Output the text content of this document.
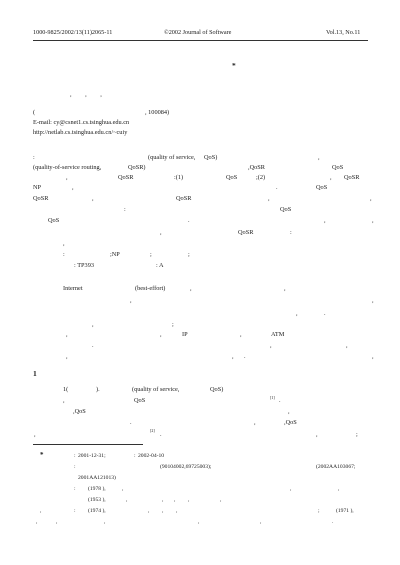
1000-9825/2002/13(11)2065-11	©2002 Journal of Software	Vol.13, No.11
*
, , ,
(	, 100084)
E-mail: cy@csnet1.cs.tsinghua.edu.cn
http://netlab.cs.tsinghua.edu.cn/~cuiy
:	(quality of service, QoS)	,
(quality-of-service routing,	QoSR)	,QoSR	QoS
,	QoSR	:(1)	QoS	;(2)	, QoSR
NP	,	.	QoS
QoSR	,	QoSR	,	,
:	QoS
QoS	.	,	,
,	QoSR	:
,
:	;NP	;	;
: TP393	: A
Internet	(best-effort)	,	,
,	,
,	.
,	;
,	,	IP	,	ATM
.	,	,
,	, .	,
1
1(	).	(quality of service,	QoS)
,	QoS	[1] .
,QoS	,
.	,	,QoS
,
[2]
.	,	;
*	: 2001-12-31;	: 2002-04-10
:	(90104002,69725003);	(2002AA103067;
2001AA121013)
: (1978 ),	,	,	,
(1953 ),	,	, , ,	,
,	: (1974 ),	, , ,	;	(1971 ),
,	,	,	,	,	.
